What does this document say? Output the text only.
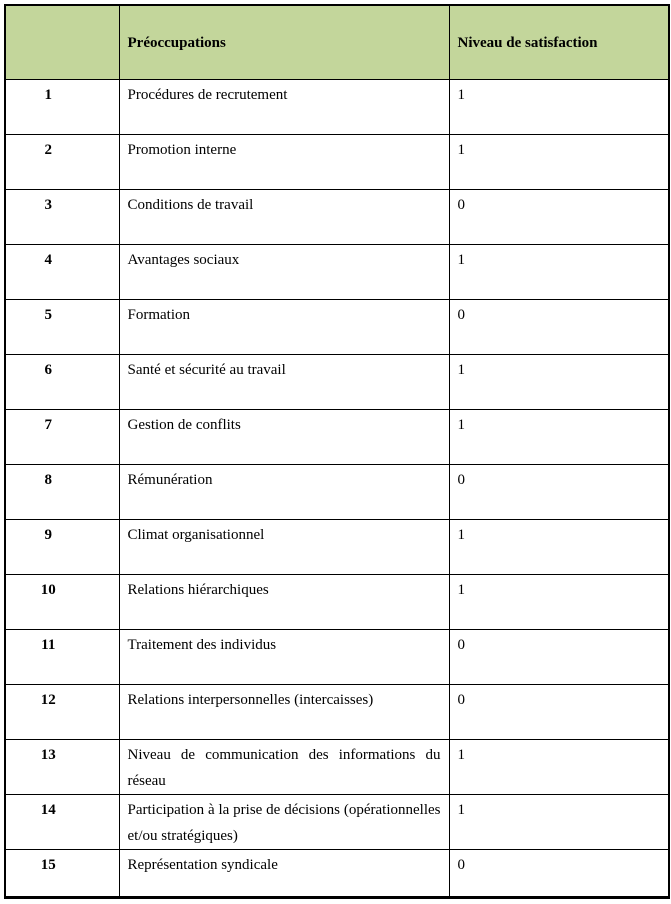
	Préoccupations	Niveau de satisfaction
1	Procédures de recrutement	1
2	Promotion interne	1
3	Conditions de travail	0
4	Avantages sociaux	1
5	Formation	0
6	Santé et sécurité au travail	1
7	Gestion de conflits	1
8	Rémunération	0
9	Climat organisationnel	1
10	Relations hiérarchiques	1
11	Traitement des individus	0
12	Relations interpersonnelles (intercaisses)	0
13	Niveau de communication des informations du réseau	1
14	Participation à la prise de décisions (opérationnelles et/ou stratégiques)	1
15	Représentation syndicale	0
